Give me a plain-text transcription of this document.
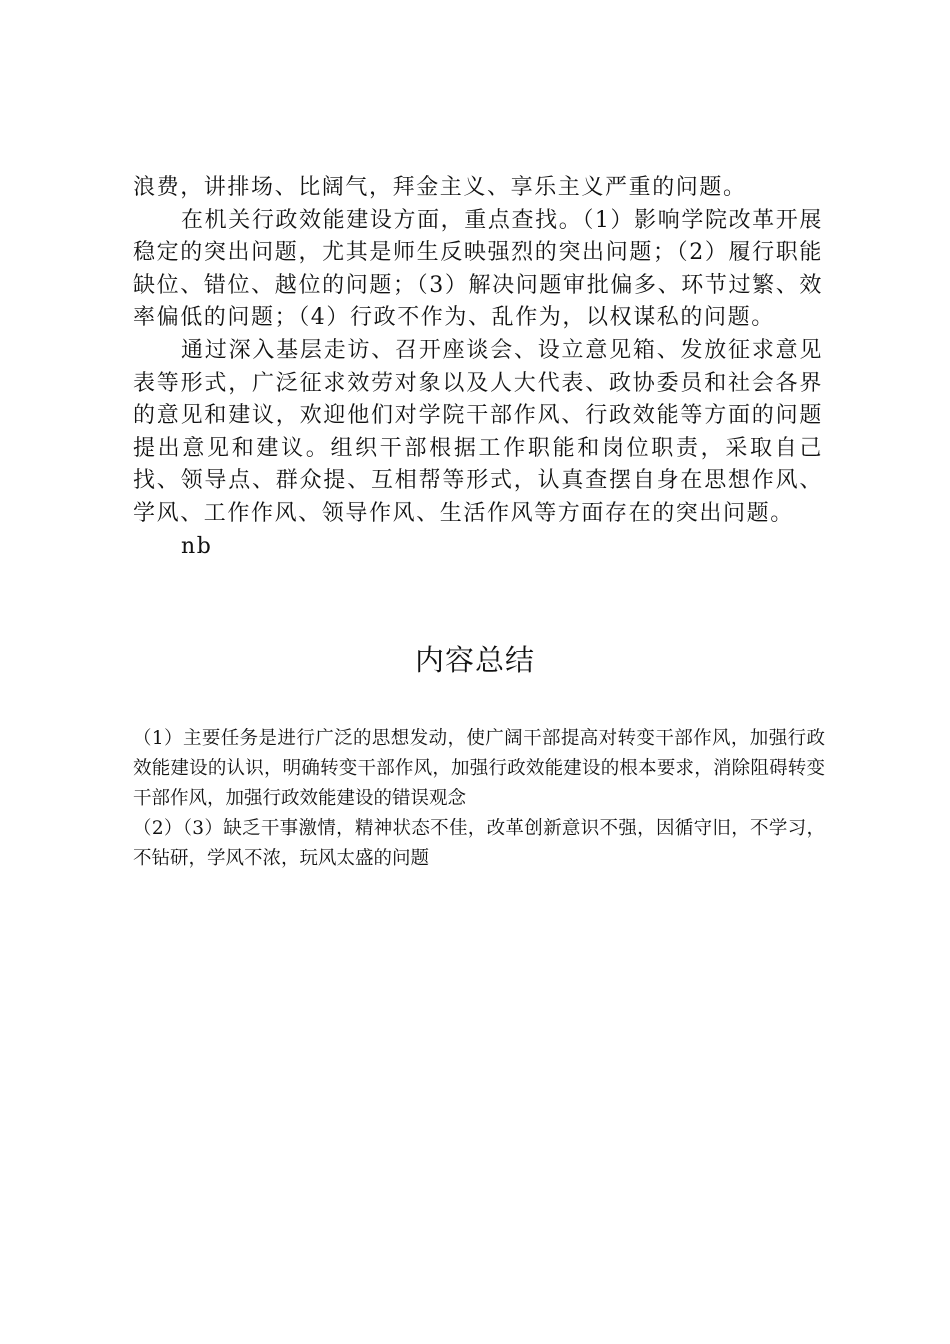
浪费，讲排场、比阔气，拜金主义、享乐主义严重的问题。

在机关行政效能建设方面，重点查找。（1）影响学院改革开展稳定的突出问题，尤其是师生反映强烈的突出问题；（2）履行职能缺位、错位、越位的问题；（3）解决问题审批偏多、环节过繁、效率偏低的问题；（4）行政不作为、乱作为，以权谋私的问题。

通过深入基层走访、召开座谈会、设立意见箱、发放征求意见表等形式，广泛征求效劳对象以及人大代表、政协委员和社会各界的意见和建议，欢迎他们对学院干部作风、行政效能等方面的问题提出意见和建议。组织干部根据工作职能和岗位职责，采取自己找、领导点、群众提、互相帮等形式，认真查摆自身在思想作风、学风、工作作风、领导作风、生活作风等方面存在的突出问题。

nb

内容总结

（1）主要任务是进行广泛的思想发动，使广阔干部提高对转变干部作风，加强行政效能建设的认识，明确转变干部作风，加强行政效能建设的根本要求，消除阻碍转变干部作风，加强行政效能建设的错误观念

（2）（3）缺乏干事激情，精神状态不佳，改革创新意识不强，因循守旧，不学习，不钻研，学风不浓，玩风太盛的问题
